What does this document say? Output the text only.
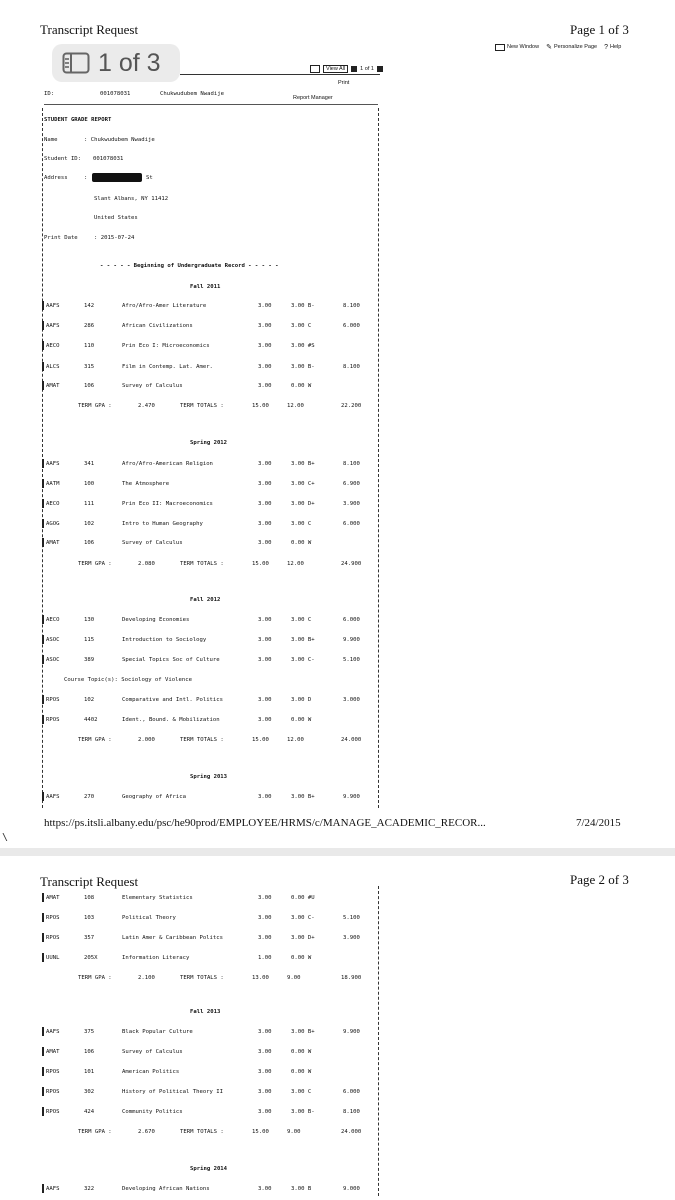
Transcript Request	Page 1 of 3
New Window ✎ Personalize Page ? Help
1 of 3	View All	1 of 1
Print
Report Manager
ID:	001078031	Chukwudubem Nwadije
STUDENT GRADE REPORT
Name	: Chukwudubem Nwadije
Student ID: 001078031
Address	:	St
Slant Albans, NY 11412
United States
Print Date	: 2015-07-24
- - - - - Beginning of Undergraduate Record - - - - -
Fall 2011
AAFS	142	Afro/Afro-Amer Literature	3.00	3.00 B-	8.100
AAFS	286	African Civilizations	3.00	3.00 C	6.000
AECO	110	Prin Eco I: Microeconomics	3.00	3.00 #S
ALCS	315	Film in Contemp. Lat. Amer.	3.00	3.00 B-	8.100
AMAT	106	Survey of Calculus	3.00	0.00 W
TERM GPA :	2.470	TERM TOTALS :	15.00	12.00	22.200
Spring 2012
AAFS	341	Afro/Afro-American Religion	3.00	3.00 B+	8.100
AATM	100	The Atmosphere	3.00	3.00 C+	6.900
AECO	111	Prin Eco II: Macroeconomics	3.00	3.00 D+	3.900
AGOG	102	Intro to Human Geography	3.00	3.00 C	6.000
AMAT	106	Survey of Calculus	3.00	0.00 W
TERM GPA :	2.080	TERM TOTALS :	15.00	12.00	24.900
Fall 2012
AECO	130	Developing Economies	3.00	3.00 C	6.000
ASOC	115	Introduction to Sociology	3.00	3.00 B+	9.900
ASOC	389	Special Topics Soc of Culture	3.00	3.00 C-	5.100
RPOS	102	Comparative and Intl. Politics	3.00	3.00 D	3.000
RPOS	4402	Ident., Bound. & Mobilization	3.00	0.00 W
Course Topic(s): Sociology of Violence
TERM GPA :	2.000	TERM TOTALS :	15.00	12.00	24.000
Spring 2013
AAFS	270	Geography of Africa	3.00	3.00 B+	9.900
https://ps.itsli.albany.edu/psc/he90prod/EMPLOYEE/HRMS/c/MANAGE_ACADEMIC_RECOR...	7/24/2015
\
Transcript Request	Page 2 of 3
AMAT	108	Elementary Statistics	3.00	0.00 #U
RPOS	103	Political Theory	3.00	3.00 C-	5.100
RPOS	357	Latin Amer & Caribbean Politcs	3.00	3.00 D+	3.900
UUNL	205X	Information Literacy	1.00	0.00 W
TERM GPA :	2.100	TERM TOTALS :	13.00	9.00	18.900
Fall 2013
AAFS	375	Black Popular Culture	3.00	3.00 B+	9.900
AMAT	106	Survey of Calculus	3.00	0.00 W
RPOS	101	American Politics	3.00	0.00 W
RPOS	302	History of Political Theory II	3.00	3.00 C	6.000
RPOS	424	Community Politics	3.00	3.00 B-	8.100
TERM GPA :	2.670	TERM TOTALS :	15.00	9.00	24.000
Spring 2014
AAFS	322	Developing African Nations	3.00	3.00 B	9.000
